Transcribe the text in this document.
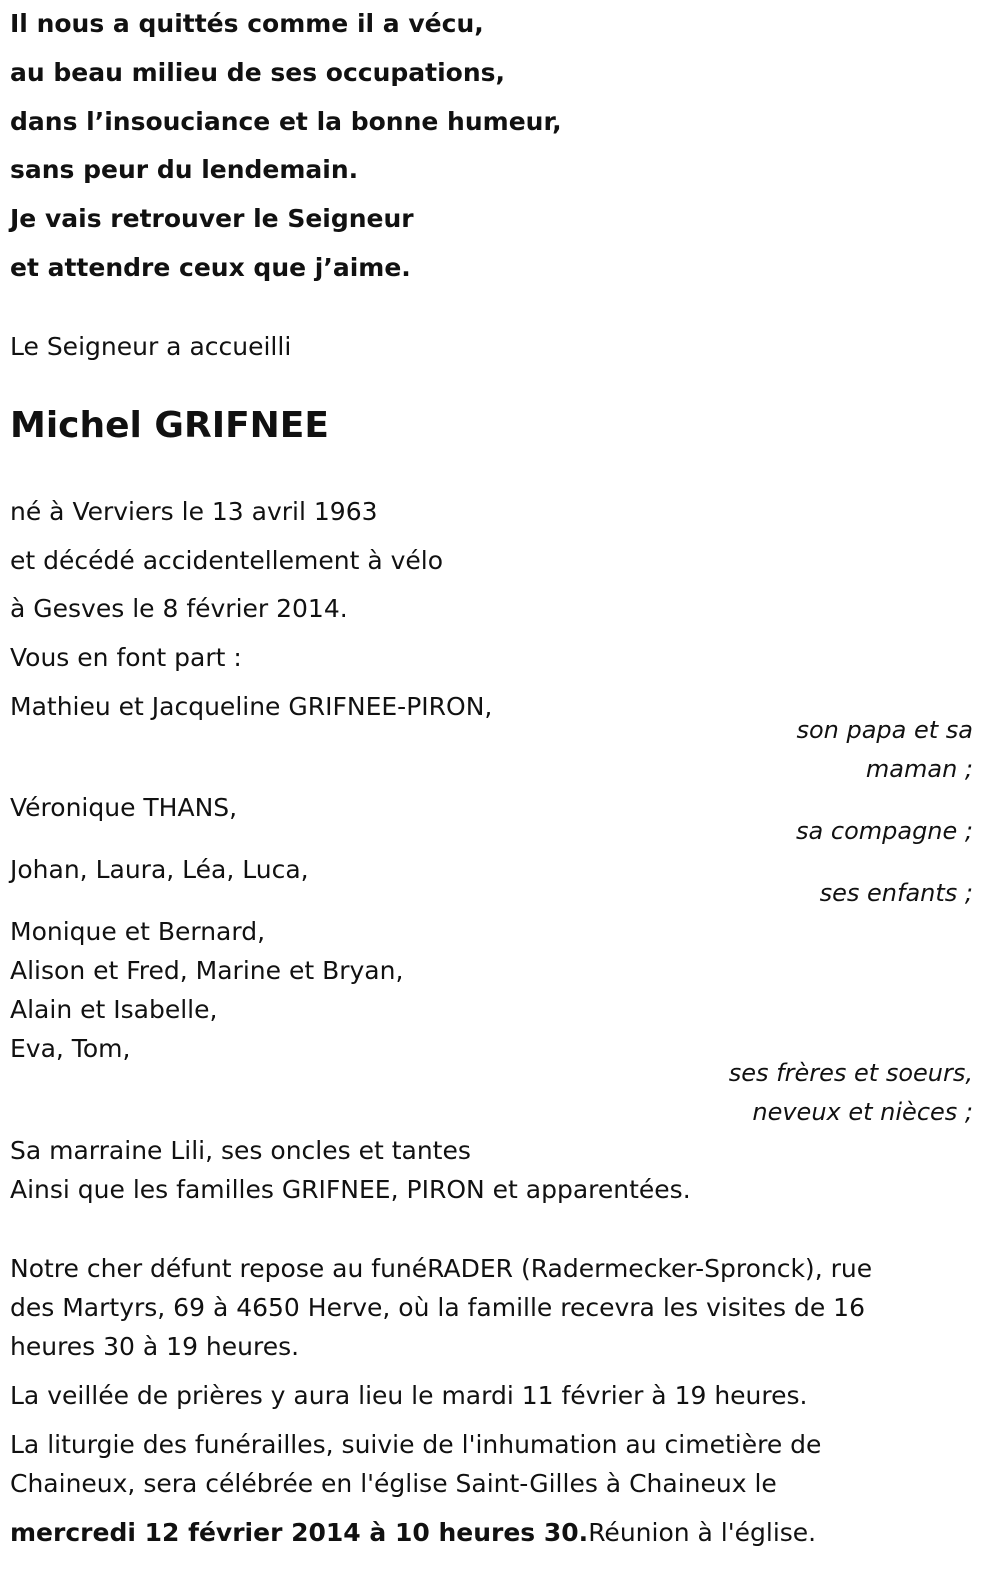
Il nous a quittés comme il a vécu,
au beau milieu de ses occupations,
dans l’insouciance et la bonne humeur,
sans peur du lendemain.
Je vais retrouver le Seigneur
et attendre ceux que j’aime.
Le Seigneur a accueilli
Michel GRIFNEE
né à Verviers le 13 avril 1963
et décédé accidentellement à vélo
à Gesves le 8 février 2014.
Vous en font part :
Mathieu et Jacqueline GRIFNEE-PIRON,
son papa et sa
maman ;
Véronique THANS,
sa compagne ;
Johan, Laura, Léa, Luca,
ses enfants ;
Monique et Bernard,
Alison et Fred, Marine et Bryan,
Alain et Isabelle,
Eva, Tom,
ses frères et soeurs,
neveux et nièces ;
Sa marraine Lili, ses oncles et tantes
Ainsi que les familles GRIFNEE, PIRON et apparentées.
Notre cher défunt repose au funéRADER (Radermecker-Spronck), rue
des Martyrs, 69 à 4650 Herve, où la famille recevra les visites de 16
heures 30 à 19 heures.
La veillée de prières y aura lieu le mardi 11 février à 19 heures.
La liturgie des funérailles, suivie de l'inhumation au cimetière de
Chaineux, sera célébrée en l'église Saint-Gilles à Chaineux le
mercredi 12 février 2014 à 10 heures 30.Réunion à l'église.
